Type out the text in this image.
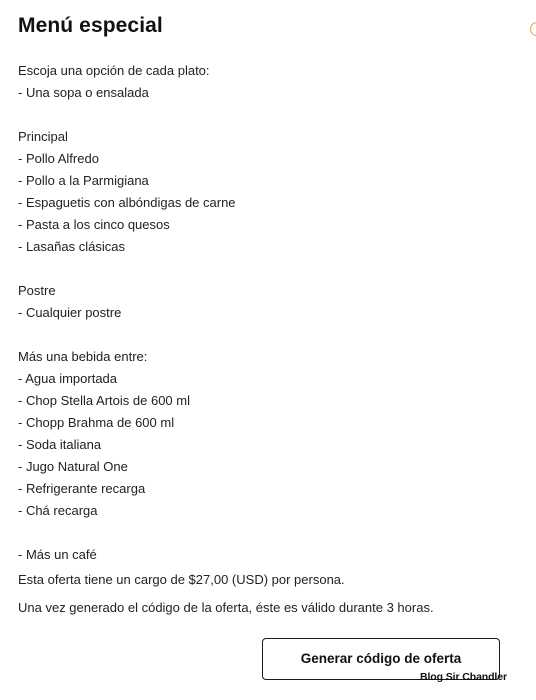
Menú especial
Escoja una opción de cada plato:
- Una sopa o ensalada
Principal
- Pollo Alfredo
- Pollo a la Parmigiana
- Espaguetis con albóndigas de carne
- Pasta a los cinco quesos
- Lasañas clásicas
Postre
- Cualquier postre
Más una bebida entre:
- Agua importada
- Chop Stella Artois de 600 ml
- Chopp Brahma de 600 ml
- Soda italiana
- Jugo Natural One
- Refrigerante recarga
- Chá recarga
- Más un café
Esta oferta tiene un cargo de $27,00 (USD) por persona.
Una vez generado el código de la oferta, éste es válido durante 3 horas.
Generar código de oferta
Blog Sir Chandler
